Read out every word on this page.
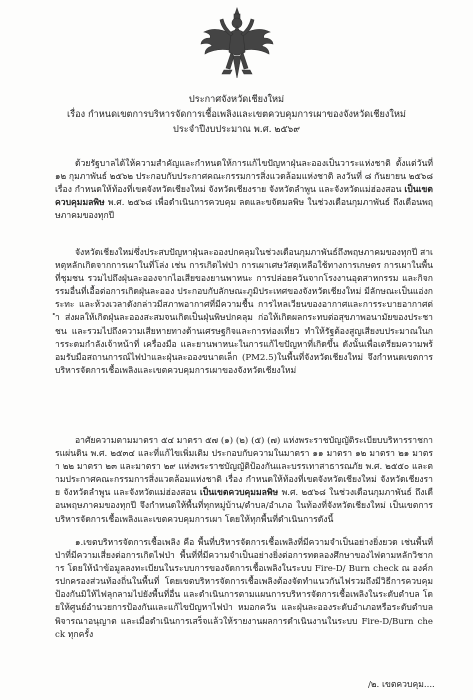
ประกาศจังหวัดเชียงใหม่
เรื่อง กำหนดเขตการบริหารจัดการเชื้อเพลิงและเขตควบคุมการเผาของจังหวัดเชียงใหม่
ประจำปีงบประมาณ พ.ศ. ๒๕๖๙
ด้วยรัฐบาลได้ให้ความสำคัญและกำหนดให้การแก้ไขปัญหาฝุ่นละอองเป็นวาระแห่งชาติ ตั้งแต่วันที่ ๑๒ กุมภาพันธ์ ๒๕๖๒ ประกอบกับประกาศคณะกรรมการสิ่งแวดล้อมแห่งชาติ ลงวันที่ ๘ กันยายน ๒๕๖๘ เรื่อง กำหนดให้ท้องที่เขตจังหวัดเชียงใหม่ จังหวัดเชียงราย จังหวัดลำพูน และจังหวัดแม่ฮ่องสอน เป็นเขตควบคุมมลพิษ พ.ศ. ๒๕๖๘ เพื่อดำเนินการควบคุม ลดและขจัดมลพิษ ในช่วงเดือนกุมภาพันธ์ ถึงเดือนพฤษภาคมของทุกปี
จังหวัดเชียงใหม่ซึ่งประสบปัญหาฝุ่นละอองปกคลุมในช่วงเดือนกุมภาพันธ์ถึงพฤษภาคมของทุกปี สาเหตุหลักเกิดจากการเผาในที่โล่ง เช่น การเกิดไฟป่า การเผาเศษวัสดุเหลือใช้ทางการเกษตร การเผาในพื้นที่ชุมชน รวมไปถึงฝุ่นละอองจากไอเสียของยานพาหนะ การปล่อยควันจากโรงงานอุตสาหกรรม และกิจกรรมอื่นที่เอื้อต่อการเกิดฝุ่นละออง ประกอบกับลักษณะภูมิประเทศของจังหวัดเชียงใหม่ มีลักษณะเป็นแอ่งกระทะ และห้วงเวลาดังกล่าวมีสภาพอากาศที่มีความชื้น การไหลเวียนของอากาศและการระบายอากาศต่ำ ส่งผลให้เกิดฝุ่นละอองสะสมจนเกิดเป็นฝุ่นพิษปกคลุม ก่อให้เกิดผลกระทบต่อสุขภาพอนามัยของประชาชน และรวมไปถึงความเสียหายทางด้านเศรษฐกิจและการท่องเที่ยว ทำให้รัฐต้องสูญเสียงบประมาณในการระดมกำลังเจ้าหน้าที่ เครื่องมือ และยานพาหนะในการแก้ไขปัญหาที่เกิดขึ้น ดังนั้นเพื่อเตรียมความพร้อมรับมือสถานการณ์ไฟป่าและฝุ่นละอองขนาดเล็ก (PM2.5)ในพื้นที่จังหวัดเชียงใหม่ จึงกำหนดเขตการบริหารจัดการเชื้อเพลิงและเขตควบคุมการเผาของจังหวัดเชียงใหม่
อาศัยความตามมาตรา ๕๔ มาตรา ๕๗ (๑) (๒) (๕) (๗) แห่งพระราชบัญญัติระเบียบบริหารราชการแผ่นดิน พ.ศ. ๒๕๓๔ และที่แก้ไขเพิ่มเติม ประกอบกับความในมาตรา ๑๑ มาตรา ๑๒ มาตรา ๒๑ มาตรา ๒๒ มาตรา ๒๓ และมาตรา ๒๙ แห่งพระราชบัญญัติป้องกันและบรรเทาสาธารณภัย พ.ศ. ๒๕๕๐ และตามประกาศคณะกรรมการสิ่งแวดล้อมแห่งชาติ เรื่อง กำหนดให้ท้องที่เขตจังหวัดเชียงใหม่ จังหวัดเชียงราย จังหวัดลำพูน และจังหวัดแม่ฮ่องสอน เป็นเขตควบคุมมลพิษ พ.ศ. ๒๕๖๘ ในช่วงเดือนกุมภาพันธ์ ถึงเดือนพฤษภาคมของทุกปี จึงกำหนดให้พื้นที่ทุกหมู่บ้าน/ตำบล/อำเภอ ในท้องที่จังหวัดเชียงใหม่ เป็นเขตการบริหารจัดการเชื้อเพลิงและเขตควบคุมการเผา โดยให้ทุกพื้นที่ดำเนินการดังนี้
๑.เขตบริหารจัดการเชื้อเพลิง คือ พื้นที่บริหารจัดการเชื้อเพลิงที่มีความจำเป็นอย่างยิ่งยวด เช่นพื้นที่ป่าที่มีความเสี่ยงต่อการเกิดไฟป่า พื้นที่ที่มีความจำเป็นอย่างยิ่งต่อการทดลองศึกษาของไฟตามหลักวิชาการ โดยให้นำข้อมูลลงทะเบียนในระบบการของจัดการเชื้อเพลิงในระบบ Fire-D/ Burn check ณ องค์กรปกครองส่วนท้องถิ่นในพื้นที่ โดยเขตบริหารจัดการเชื้อเพลิงต้องจัดทำแนวกันไฟรวมถึงมีวิธีการควบคุมป้องกันมิให้ไฟลุกลามไปยังพื้นที่อื่น และดำเนินการตามแผนการบริหารจัดการเชื้อเพลิงในระดับตำบล โดยให้ศูนย์อำนวยการป้องกันและแก้ไขปัญหาไฟป่า หมอกควัน และฝุ่นละอองระดับอำเภอหรือระดับตำบล พิจารณาอนุญาต และเมื่อดำเนินการเสร็จแล้วให้รายงานผลการดำเนินงานในระบบ Fire-D/Burn check ทุกครั้ง
/๒. เขตควบคุม....
